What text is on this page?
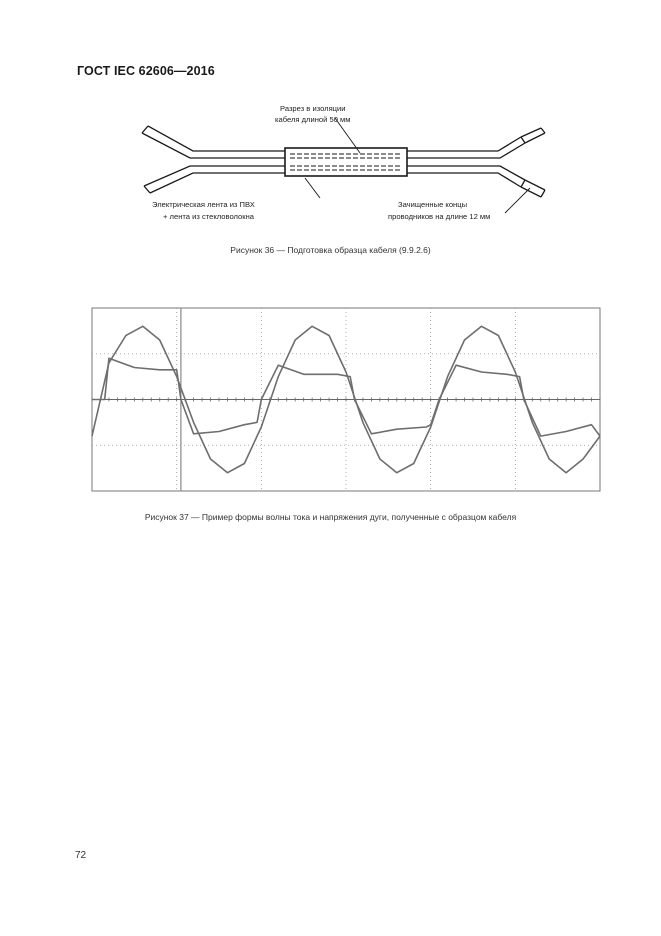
ГОСТ IEC 62606—2016
Разрез в изоляции
кабеля длиной 50 мм
Электрическая лента из ПВХ
+ лента из стекловолокна
Зачищенные концы
проводников на длине 12 мм
Рисунок 36 — Подготовка образца кабеля (9.9.2.6)
Рисунок 37 — Пример формы волны тока и напряжения дуги, полученные с образцом кабеля
72
